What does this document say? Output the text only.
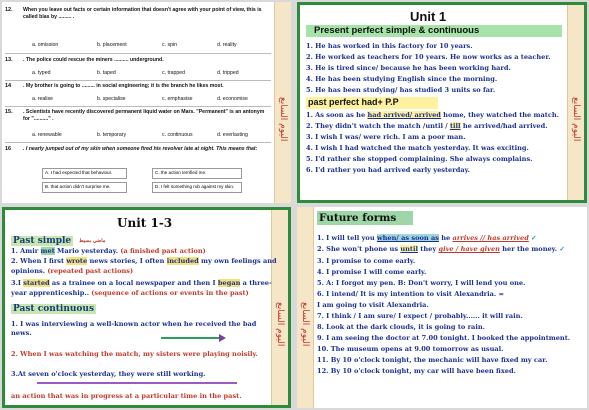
اليوم السابع
12.	When you leave out facts or certain information that doesn't agree with your point of view, this is called bias by ......... .
a. omission	b. placement	c. spin	d. reality
13.	. The police could rescue the miners .......... underground.
a. typed	b. taped	c. trapped	d. tripped
14	. My brother is going to ......... in social engineering; it is the branch he likes most.
a. realise	b. specialise	c. emphasise	d. economise
15.	. Scientists have recently discovered permanent liquid water on Mars. "Permanent" is an antonym for ".........." .
a. renewable	b. temporary	c. continuous	d. everlasting
16	. I nearly jumped out of my skin when someone fired his revolver late at night. This means that:
A. I had expected that behaviour.	C. the action terrified me.
B. that action didn't surprise me.	D. I felt something rub against my skin.
اليوم السابع
Unit 1
Present perfect simple & continuous
1. He has worked in this factory for 10 years.
2. He worked as teachers for 10 years. He now works as a teacher.
3. He is tired since/ because he has been working hard.
4. He has been studying English since the morning.
5. He has been studying/ has studied 3 units so far.
past perfect had+ P.P
1. As soon as he had arrived/ arrived home, they watched the match.
2. They didn't watch the match /until / till he arrived/had arrived.
3. I wish I was/ were rich. I am a poor man.
4. I wish I had watched the match yesterday. It was exciting.
5. I'd rather she stopped complaining. She always complains.
6. I'd rather you had arrived early yesterday.
اليوم السابع
Unit 1-3
Past simple	ماضي بسيط
1. Amir met Mario yesterday. (a finished past action)
2. When I first wrote news stories, I often included my own feelings and
opinions. (repeated past actions)
3.I started as a trainee on a local newspaper and then I began a three-
year apprenticeship.. (sequence of actions or events in the past)
Past continuous
1. I was interviewing a well-known actor when he received the bad news.
2. When I was watching the match, my sisters were playing noisily.
3.At seven o'clock yesterday, they were still working.
an action that was in progress at a particular time in the past.
اليوم السابع
Future forms
1. I will tell you when/ as soon as he arrives // has arrived ✓
2. She won't phone us until they give / have given her the money. ✓
3. I promise to come early.
4. I promise I will come early.
5. A: I forgot my pen. B: Don't worry, I will lend you one.
6. I intend/ It is my intention to visit Alexandria. =
I am going to visit Alexandria.
7. I think / I am sure/ I expect / probably...... it will rain.
8. Look at the dark clouds, it is going to rain.
9. I am seeing the doctor at 7.00 tonight. I booked the appointment.
10. The museum opens at 9.00 tomorrow as usual.
11. By 10 o'clock tonight, the mechanic will have fixed my car.
12. By 10 o'clock tonight, my car will have been fixed.
